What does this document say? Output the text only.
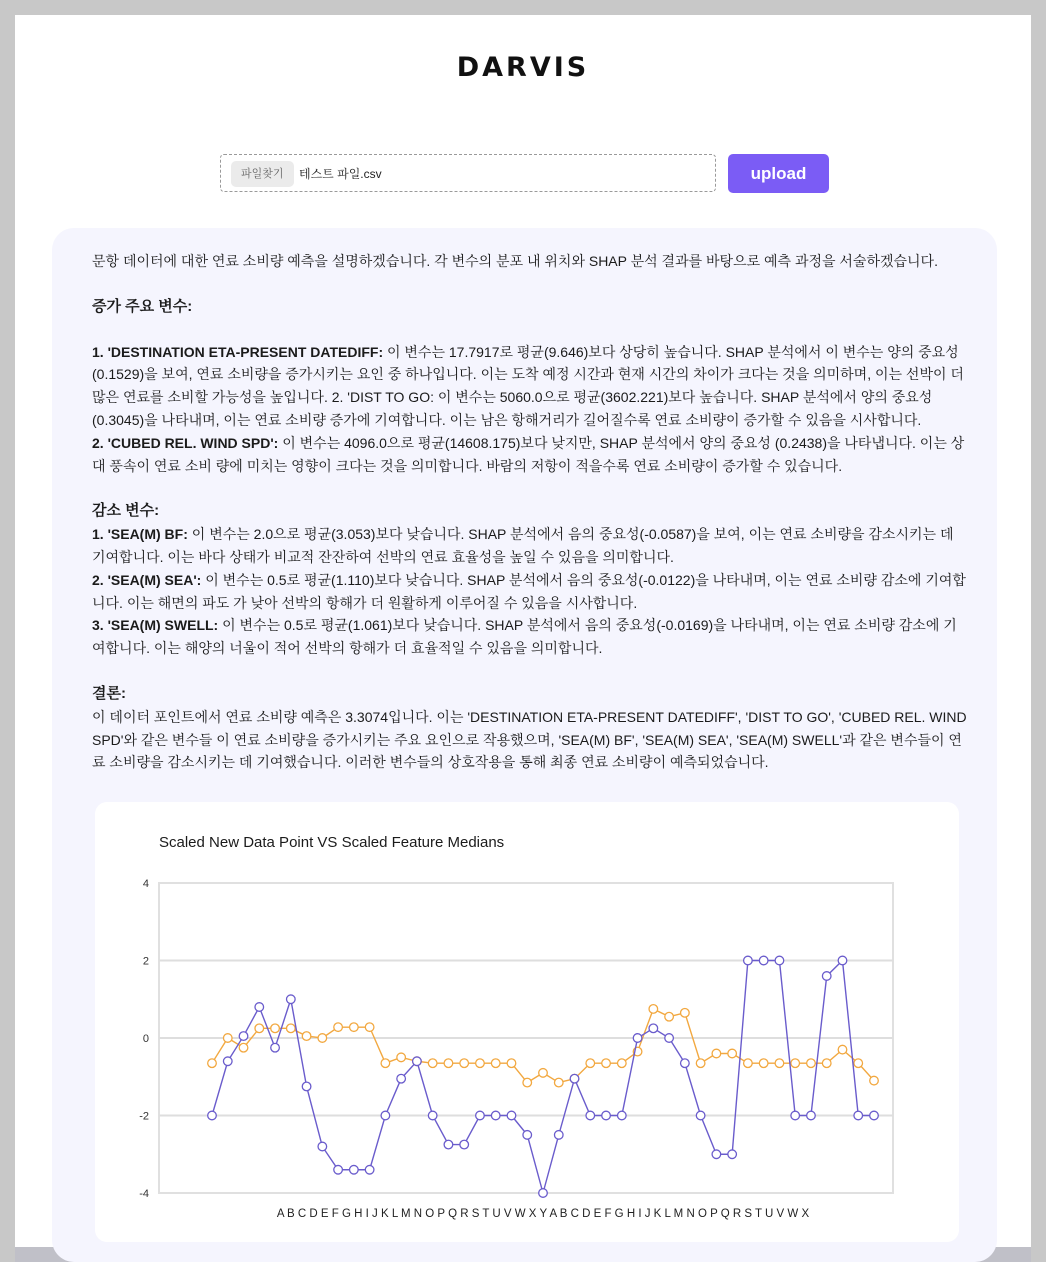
DARVIS
파일찾기	테스트 파일.csv	upload

문항 데이터에 대한 연료 소비량 예측을 설명하겠습니다. 각 변수의 분포 내 위치와 SHAP 분석 결과를 바탕으로 예측 과정을 서술하겠습니다.

증가 주요 변수:

1. 'DESTINATION ETA-PRESENT DATEDIFF: 이 변수는 17.7917로 평균(9.646)보다 상당히 높습니다. SHAP 분석에서 이 변수는 양의 중요성 (0.1529)을 보여, 연료 소비량을 증가시키는 요인 중 하나입니다. 이는 도착 예정 시간과 현재 시간의 차이가 크다는 것을 의미하며, 이는 선박이 더 많은 연료를 소비할 가능성을 높입니다. 2. 'DIST TO GO: 이 변수는 5060.0으로 평균(3602.221)보다 높습니다. SHAP 분석에서 양의 중요성 (0.3045)을 나타내며, 이는 연료 소비량 증가에 기여합니다. 이는 남은 항해거리가 길어질수록 연료 소비량이 증가할 수 있음을 시사합니다.

2. 'CUBED REL. WIND SPD': 이 변수는 4096.0으로 평균(14608.175)보다 낮지만, SHAP 분석에서 양의 중요성 (0.2438)을 나타냅니다. 이는 상대 풍속이 연료 소비 량에 미치는 영향이 크다는 것을 의미합니다. 바람의 저항이 적을수록 연료 소비량이 증가할 수 있습니다.

감소 변수:

1. 'SEA(M) BF: 이 변수는 2.0으로 평균(3.053)보다 낮습니다. SHAP 분석에서 음의 중요성(-0.0587)을 보여, 이는 연료 소비량을 감소시키는 데 기여합니다. 이는 바다 상태가 비교적 잔잔하여 선박의 연료 효율성을 높일 수 있음을 의미합니다.

2. 'SEA(M) SEA': 이 변수는 0.5로 평균(1.110)보다 낮습니다. SHAP 분석에서 음의 중요성(-0.0122)을 나타내며, 이는 연료 소비량 감소에 기여합니다. 이는 해면의 파도 가 낮아 선박의 항해가 더 원활하게 이루어질 수 있음을 시사합니다.

3. 'SEA(M) SWELL: 이 변수는 0.5로 평균(1.061)보다 낮습니다. SHAP 분석에서 음의 중요성(-0.0169)을 나타내며, 이는 연료 소비량 감소에 기여합니다. 이는 해양의 너울이 적어 선박의 항해가 더 효율적일 수 있음을 의미합니다.

결론:

이 데이터 포인트에서 연료 소비량 예측은 3.3074입니다. 이는 'DESTINATION ETA-PRESENT DATEDIFF', 'DIST TO GO', 'CUBED REL. WIND SPD'와 같은 변수들 이 연료 소비량을 증가시키는 주요 요인으로 작용했으며, 'SEA(M) BF', 'SEA(M) SEA', 'SEA(M) SWELL'과 같은 변수들이 연료 소비량을 감소시키는 데 기여했습니다. 이러한 변수들의 상호작용을 통해 최종 연료 소비량이 예측되었습니다.

Scaled New Data Point VS Scaled Feature Medians
4
2
0
-2
-4
A B C D E F G H I J K L M N O P Q R S T U V W X Y A B C D E F G H I J K L M N O P Q R S T U V W X
